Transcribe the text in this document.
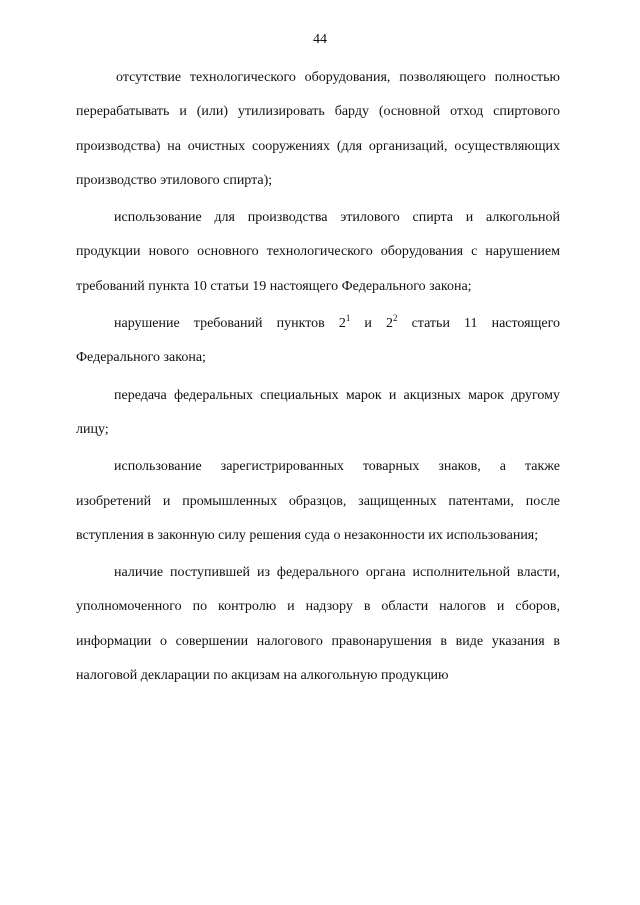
44

отсутствие технологического оборудования, позволяющего полностью перерабатывать и (или) утилизировать барду (основной отход спиртового производства) на очистных сооружениях (для организаций, осуществляющих производство этилового спирта);

использование для производства этилового спирта и алкогольной продукции нового основного технологического оборудования с нарушением требований пункта 10 статьи 19 настоящего Федерального закона;

нарушение требований пунктов $2^1$ и $2^2$ статьи 11 настоящего Федерального закона;

передача федеральных специальных марок и акцизных марок другому лицу;

использование зарегистрированных товарных знаков, а также изобретений и промышленных образцов, защищенных патентами, после вступления в законную силу решения суда о незаконности их использования;

наличие поступившей из федерального органа исполнительной власти, уполномоченного по контролю и надзору в области налогов и сборов, информации о совершении налогового правонарушения в виде указания в налоговой декларации по акцизам на алкогольную продукцию
